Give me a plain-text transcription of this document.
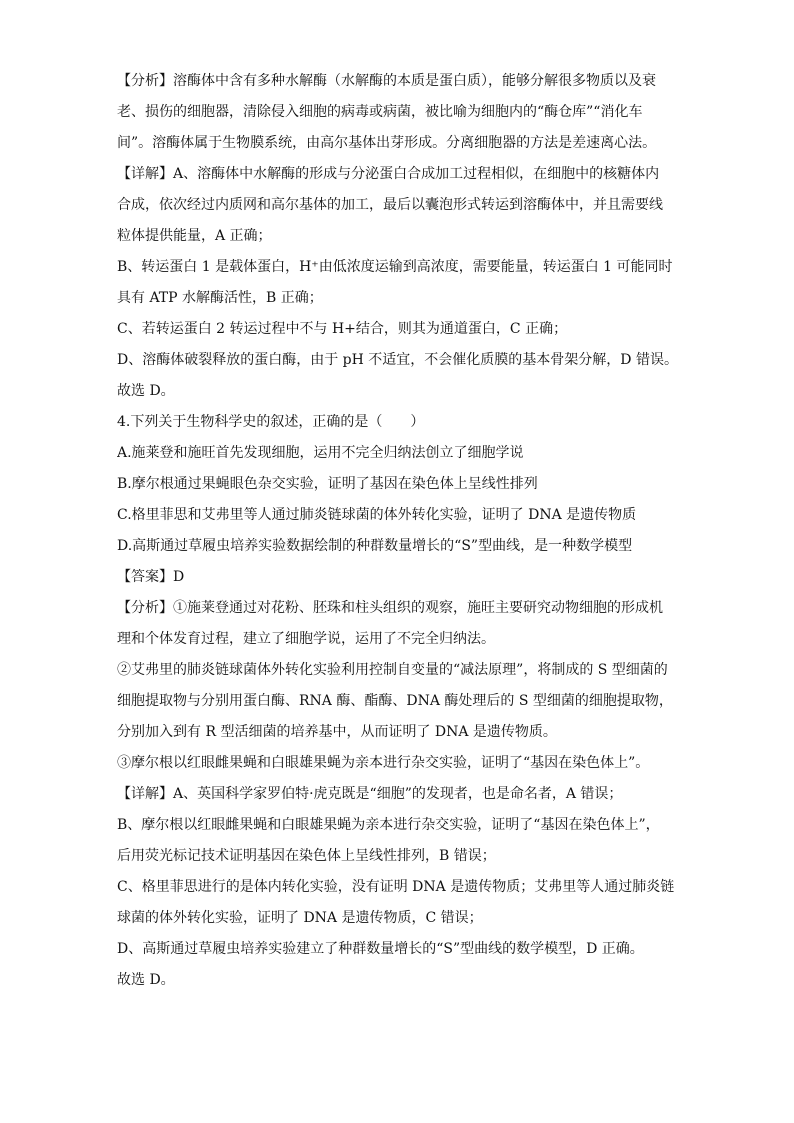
【分析】溶酶体中含有多种水解酶（水解酶的本质是蛋白质），能够分解很多物质以及衰
老、损伤的细胞器，清除侵入细胞的病毒或病菌，被比喻为细胞内的“酶仓库”“消化车
间”。溶酶体属于生物膜系统，由高尔基体出芽形成。分离细胞器的方法是差速离心法。
【详解】A、溶酶体中水解酶的形成与分泌蛋白合成加工过程相似，在细胞中的核糖体内
合成，依次经过内质网和高尔基体的加工，最后以囊泡形式转运到溶酶体中，并且需要线
粒体提供能量，A 正确；
B、转运蛋白 1 是载体蛋白，H⁺由低浓度运输到高浓度，需要能量，转运蛋白 1 可能同时
具有 ATP 水解酶活性，B 正确；
C、若转运蛋白 2 转运过程中不与 H+结合，则其为通道蛋白，C 正确；
D、溶酶体破裂释放的蛋白酶，由于 pH 不适宜，不会催化质膜的基本骨架分解，D 错误。
故选 D。
4.下列关于生物科学史的叙述，正确的是（　　）
A.施莱登和施旺首先发现细胞，运用不完全归纳法创立了细胞学说
B.摩尔根通过果蝇眼色杂交实验，证明了基因在染色体上呈线性排列
C.格里菲思和艾弗里等人通过肺炎链球菌的体外转化实验，证明了 DNA 是遗传物质
D.高斯通过草履虫培养实验数据绘制的种群数量增长的“S”型曲线，是一种数学模型
【答案】D
【分析】①施莱登通过对花粉、胚珠和柱头组织的观察，施旺主要研究动物细胞的形成机
理和个体发育过程，建立了细胞学说，运用了不完全归纳法。
②艾弗里的肺炎链球菌体外转化实验利用控制自变量的“减法原理”，将制成的 S 型细菌的
细胞提取物与分别用蛋白酶、RNA 酶、酯酶、DNA 酶处理后的 S 型细菌的细胞提取物，
分别加入到有 R 型活细菌的培养基中，从而证明了 DNA 是遗传物质。
③摩尔根以红眼雌果蝇和白眼雄果蝇为亲本进行杂交实验，证明了“基因在染色体上”。
【详解】A、英国科学家罗伯特·虎克既是“细胞”的发现者，也是命名者，A 错误；
B、摩尔根以红眼雌果蝇和白眼雄果蝇为亲本进行杂交实验，证明了“基因在染色体上”，
后用荧光标记技术证明基因在染色体上呈线性排列，B 错误；
C、格里菲思进行的是体内转化实验，没有证明 DNA 是遗传物质；艾弗里等人通过肺炎链
球菌的体外转化实验，证明了 DNA 是遗传物质，C 错误；
D、高斯通过草履虫培养实验建立了种群数量增长的“S”型曲线的数学模型，D 正确。
故选 D。
